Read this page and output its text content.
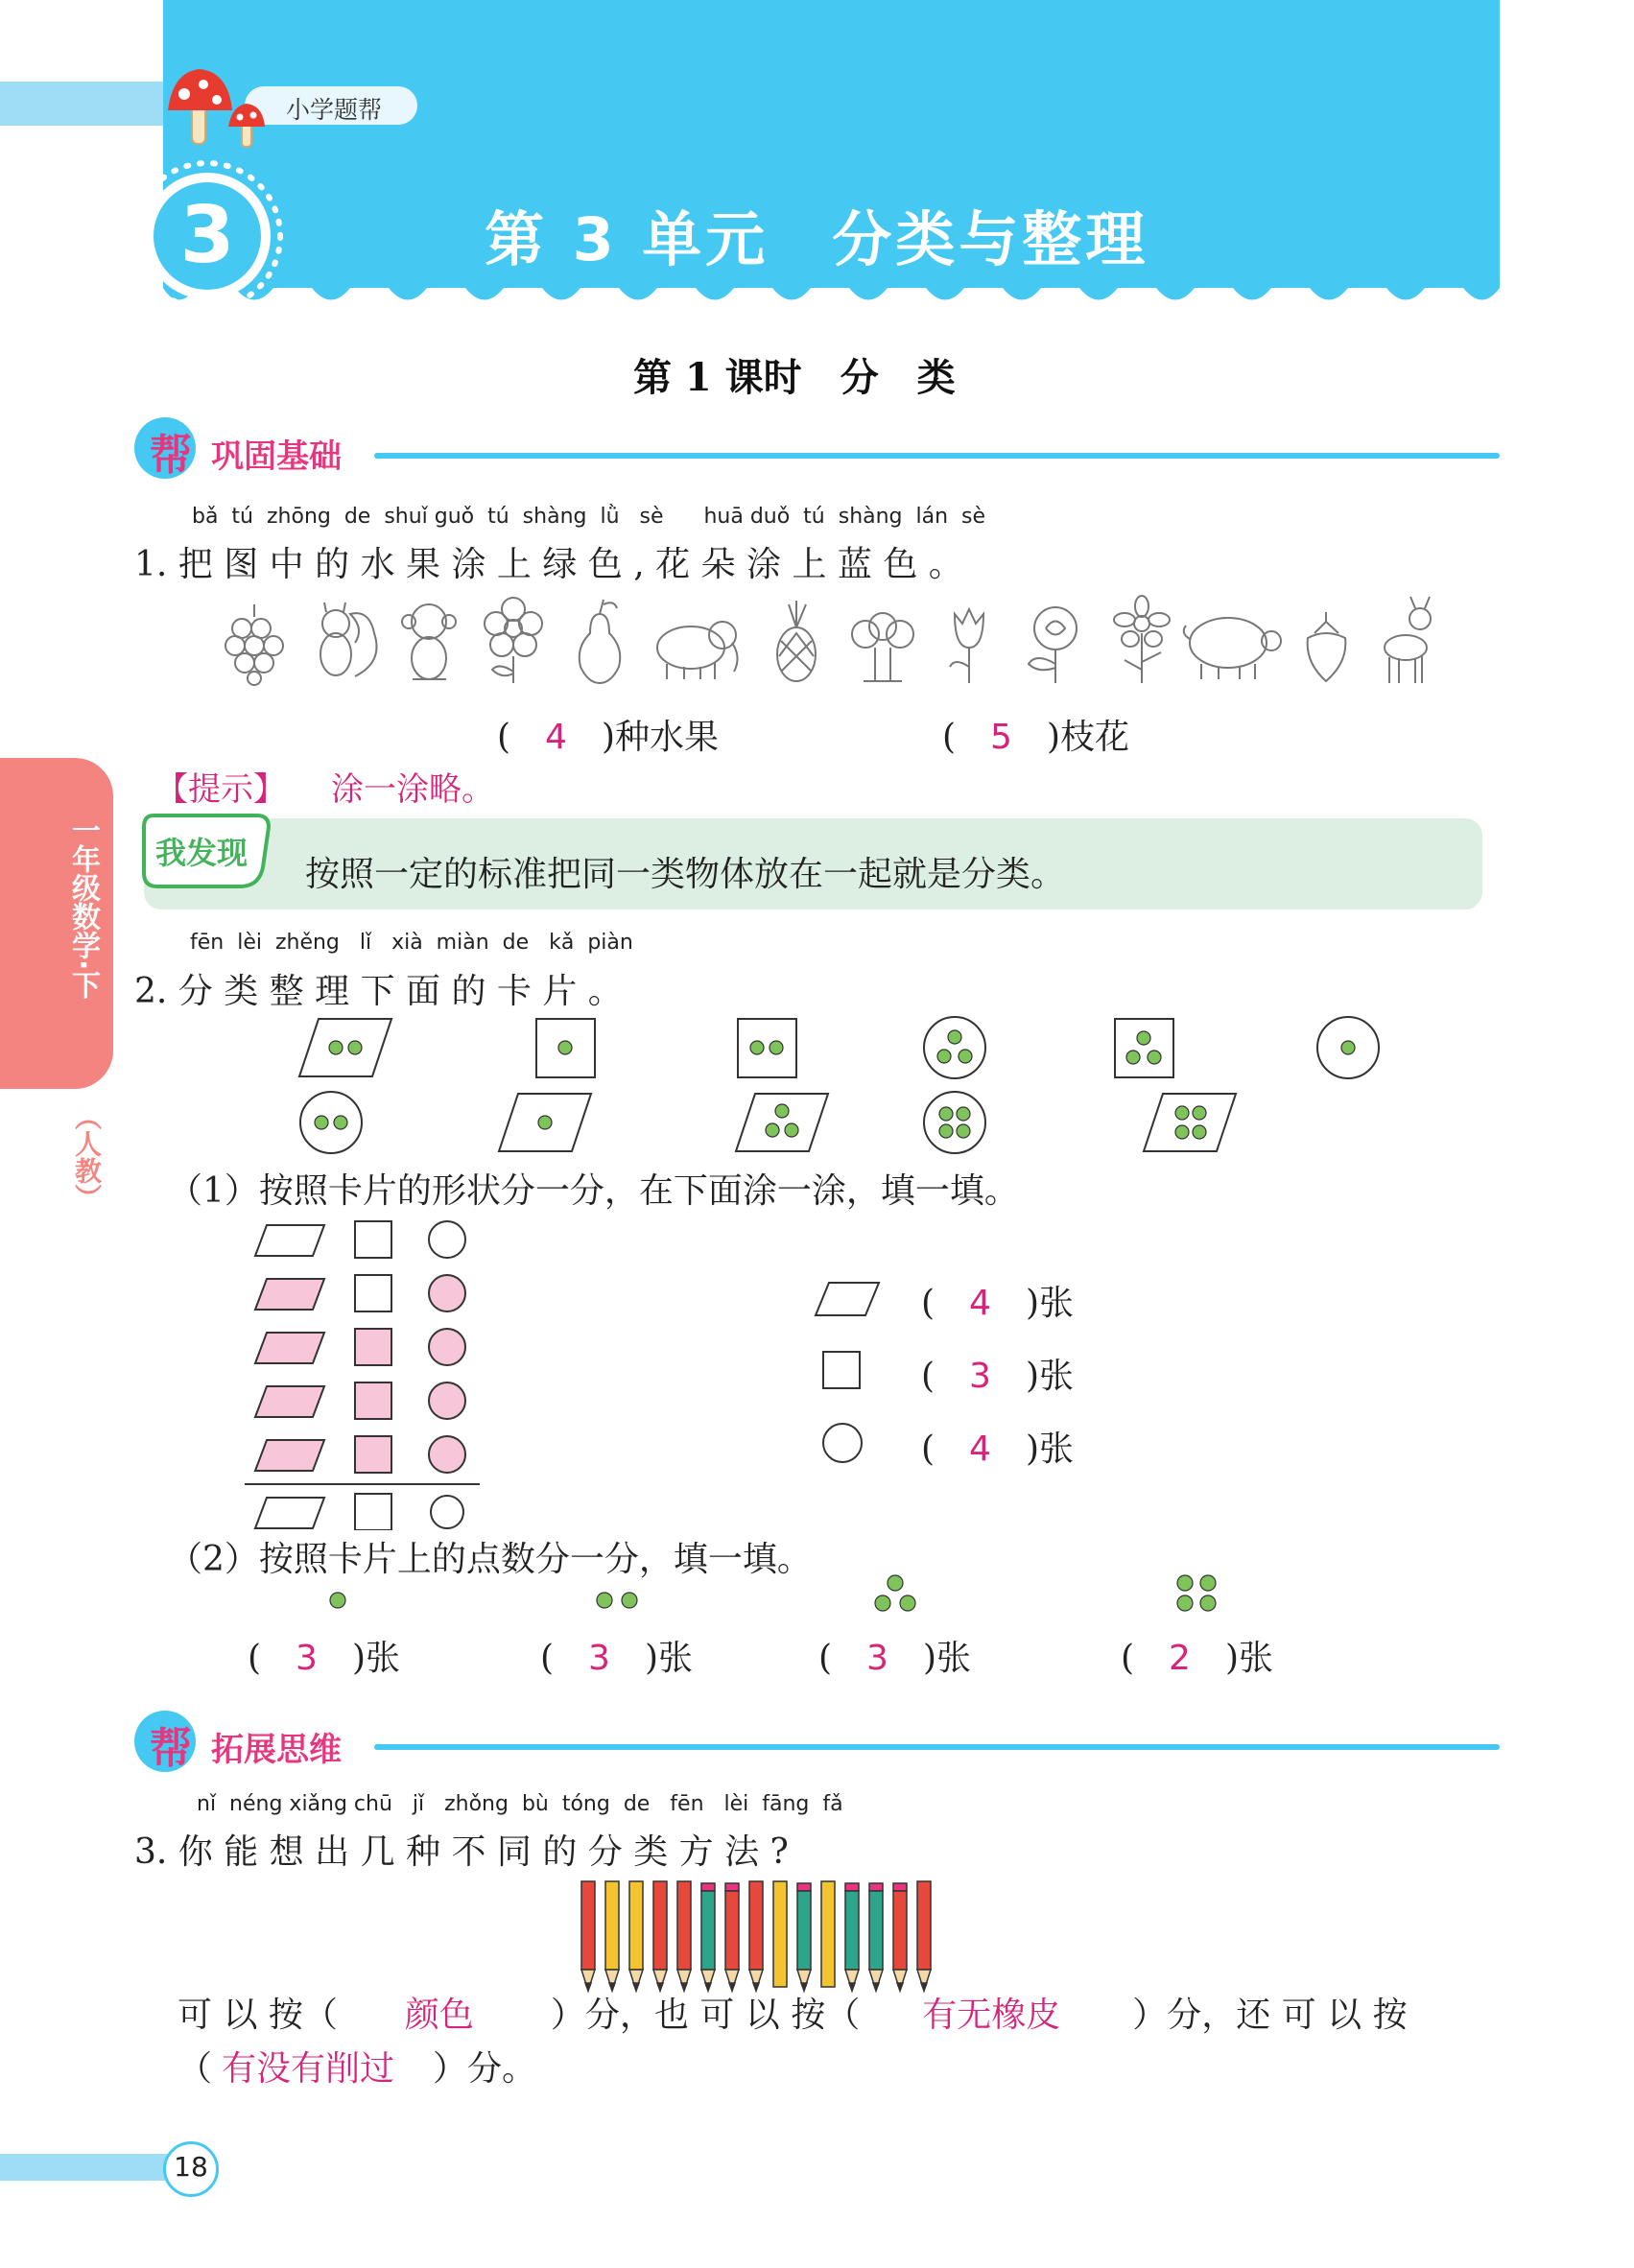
小学题帮
3	第 3 单元　分类与整理
第 1 课时　分　类
帮 巩固基础
bǎ  tú  zhōng  de  shuǐ guǒ  tú  shàng  lǜ   sè      huā duǒ  tú  shàng  lán  sè
1. 把 图 中 的 水 果 涂 上 绿 色 , 花 朵 涂 上 蓝 色 。
(　4　)种水果	(　5　)枝花
【提示】 涂一涂略。
我发现
按照一定的标准把同一类物体放在一起就是分类。
fēn  lèi  zhěng   lǐ   xià  miàn  de   kǎ  piàn
2. 分 类 整 理 下 面 的 卡 片 。
（1）按照卡片的形状分一分，在下面涂一涂，填一填。
(　4　)张
(　3　)张
(　4　)张
（2）按照卡片上的点数分一分，填一填。
(　3　)张	(　3　)张	(　3　)张	(　2　)张
帮 拓展思维
nǐ  néng xiǎng chū   jǐ   zhǒng  bù  tóng  de   fēn   lèi  fāng  fǎ
3. 你 能 想 出 几 种 不 同 的 分 类 方 法 ?
可 以 按（ 颜色 ）分，也 可 以 按（ 有无橡皮 ）分，还 可 以 按
（ 有没有削过 ）分。
一年级数学·下
（人教）
18
